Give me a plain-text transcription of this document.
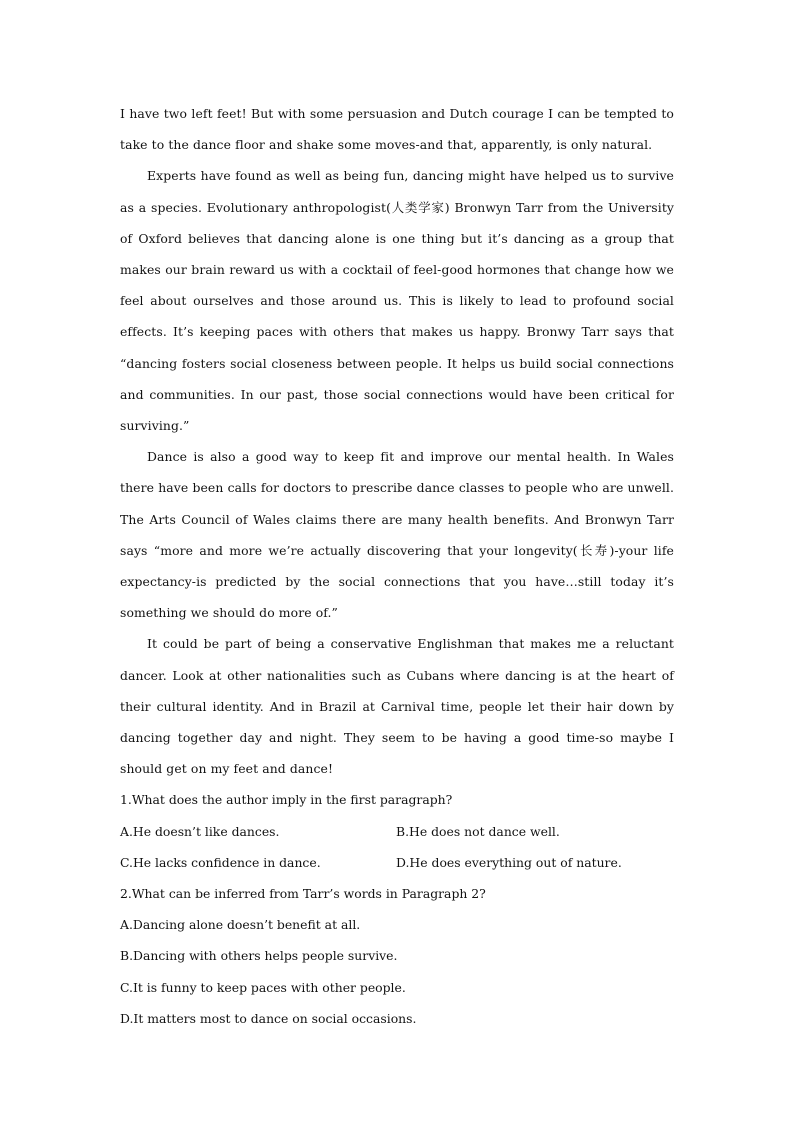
I have two left feet! But with some persuasion and Dutch courage I can be tempted to take to the dance floor and shake some moves-and that, apparently, is only natural.

Experts have found as well as being fun, dancing might have helped us to survive as a species. Evolutionary anthropologist(人类学家) Bronwyn Tarr from the University of Oxford believes that dancing alone is one thing but it’s dancing as a group that makes our brain reward us with a cocktail of feel-good hormones that change how we feel about ourselves and those around us. This is likely to lead to profound social effects. It’s keeping paces with others that makes us happy. Bronwy Tarr says that “dancing fosters social closeness between people. It helps us build social connections and communities. In our past, those social connections would have been critical for surviving.”

Dance is also a good way to keep fit and improve our mental health. In Wales there have been calls for doctors to prescribe dance classes to people who are unwell. The Arts Council of Wales claims there are many health benefits. And Bronwyn Tarr says “more and more we’re actually discovering that your longevity(长寿)-your life expectancy-is predicted by the social connections that you have…still today it’s something we should do more of.”

It could be part of being a conservative Englishman that makes me a reluctant dancer. Look at other nationalities such as Cubans where dancing is at the heart of their cultural identity. And in Brazil at Carnival time, people let their hair down by dancing together day and night. They seem to be having a good time-so maybe I should get on my feet and dance!

1.What does the author imply in the first paragraph?

A.He doesn’t like dances.	B.He does not dance well.
C.He lacks confidence in dance.	D.He does everything out of nature.

2.What can be inferred from Tarr’s words in Paragraph 2?

A.Dancing alone doesn’t benefit at all.

B.Dancing with others helps people survive.

C.It is funny to keep paces with other people.

D.It matters most to dance on social occasions.
